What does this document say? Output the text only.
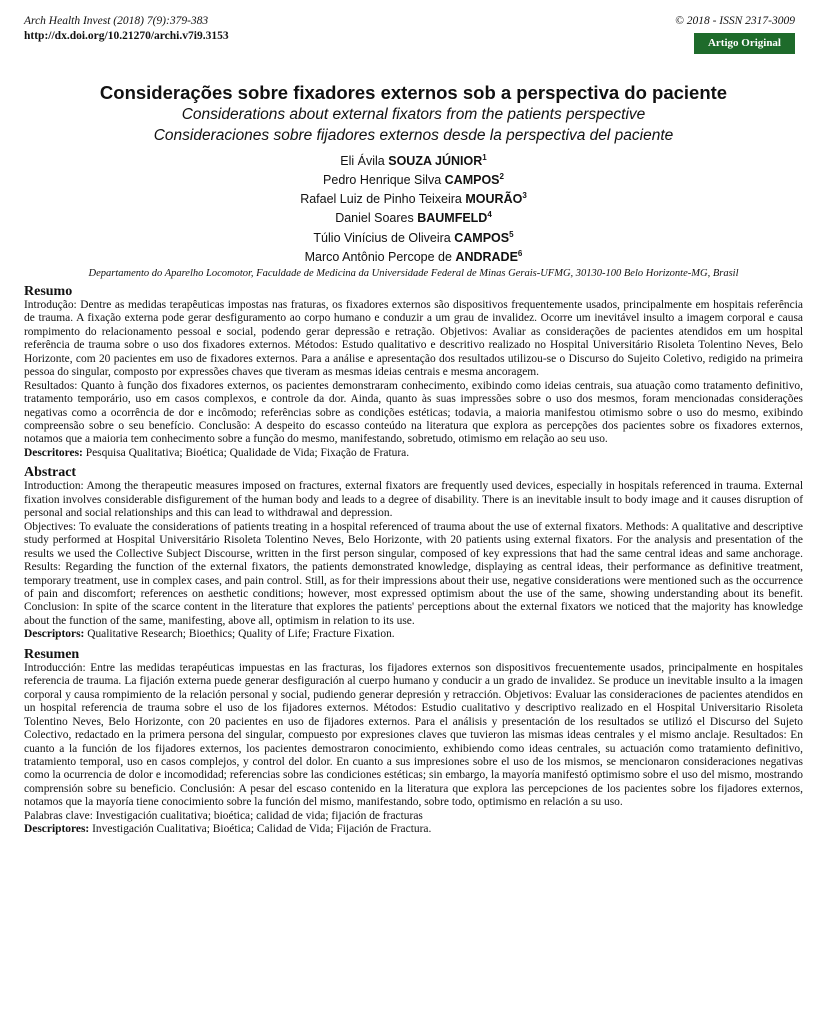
Arch Health Invest (2018) 7(9):379-383
http://dx.doi.org/10.21270/archi.v7i9.3153
© 2018 - ISSN 2317-3009
Artigo Original
Considerações sobre fixadores externos sob a perspectiva do paciente
Considerations about external fixators from the patients perspective
Consideraciones sobre fijadores externos desde la perspectiva del paciente
Eli Ávila SOUZA JÚNIOR$^1$
Pedro Henrique Silva CAMPOS$^2$
Rafael Luiz de Pinho Teixeira MOURÃO$^3$
Daniel Soares BAUMFELD$^4$
Túlio Vinícius de Oliveira CAMPOS$^5$
Marco Antônio Percope de ANDRADE$^6$
Departamento do Aparelho Locomotor, Faculdade de Medicina da Universidade Federal de Minas Gerais-UFMG, 30130-100 Belo Horizonte-MG, Brasil
Resumo

Introdução: Dentre as medidas terapêuticas impostas nas fraturas, os fixadores externos são dispositivos frequentemente usados, principalmente em hospitais referência de trauma. A fixação externa pode gerar desfiguramento ao corpo humano e conduzir a um grau de invalidez. Ocorre um inevitável insulto a imagem corporal e causa rompimento do relacionamento pessoal e social, podendo gerar depressão e retração. Objetivos: Avaliar as considerações de pacientes atendidos em um hospital referência de trauma sobre o uso dos fixadores externos. Métodos: Estudo qualitativo e descritivo realizado no Hospital Universitário Risoleta Tolentino Neves, Belo Horizonte, com 20 pacientes em uso de fixadores externos. Para a análise e apresentação dos resultados utilizou-se o Discurso do Sujeito Coletivo, redigido na primeira pessoa do singular, composto por expressões chaves que tiveram as mesmas ideias centrais e mesma ancoragem.

Resultados: Quanto à função dos fixadores externos, os pacientes demonstraram conhecimento, exibindo como ideias centrais, sua atuação como tratamento definitivo, tratamento temporário, uso em casos complexos, e controle da dor. Ainda, quanto às suas impressões sobre o uso dos mesmos, foram mencionadas considerações negativas como a ocorrência de dor e incômodo; referências sobre as condições estéticas; todavia, a maioria manifestou otimismo sobre o uso do mesmo, exibindo compreensão sobre o seu benefício. Conclusão: A despeito do escasso conteúdo na literatura que explora as percepções dos pacientes sobre os fixadores externos, notamos que a maioria tem conhecimento sobre a função do mesmo, manifestando, sobretudo, otimismo em relação ao seu uso.

Descritores: Pesquisa Qualitativa; Bioética; Qualidade de Vida; Fixação de Fratura.

Abstract

Introduction: Among the therapeutic measures imposed on fractures, external fixators are frequently used devices, especially in hospitals referenced in trauma. External fixation involves considerable disfigurement of the human body and leads to a degree of disability. There is an inevitable insult to body image and it causes disruption of personal and social relationships and this can lead to withdrawal and depression.

Objectives: To evaluate the considerations of patients treating in a hospital referenced of trauma about the use of external fixators. Methods: A qualitative and descriptive study performed at Hospital Universitário Risoleta Tolentino Neves, Belo Horizonte, with 20 patients using external fixators. For the analysis and presentation of the results we used the Collective Subject Discourse, written in the first person singular, composed of key expressions that had the same central ideas and same anchorage. Results: Regarding the function of the external fixators, the patients demonstrated knowledge, displaying as central ideas, their performance as definitive treatment, temporary treatment, use in complex cases, and pain control. Still, as for their impressions about their use, negative considerations were mentioned such as the occurrence of pain and discomfort; references on aesthetic conditions; however, most expressed optimism about the use of the same, showing understanding about its benefit. Conclusion: In spite of the scarce content in the literature that explores the patients' perceptions about the external fixators we noticed that the majority has knowledge about the function of the same, manifesting, above all, optimism in relation to its use.

Descriptors: Qualitative Research; Bioethics; Quality of Life; Fracture Fixation.

Resumen

Introducción: Entre las medidas terapéuticas impuestas en las fracturas, los fijadores externos son dispositivos frecuentemente usados, principalmente en hospitales referencia de trauma. La fijación externa puede generar desfiguración al cuerpo humano y conducir a un grado de invalidez. Se produce un inevitable insulto a la imagen corporal y causa rompimiento de la relación personal y social, pudiendo generar depresión y retracción. Objetivos: Evaluar las consideraciones de pacientes atendidos en un hospital referencia de trauma sobre el uso de los fijadores externos. Métodos: Estudio cualitativo y descriptivo realizado en el Hospital Universitario Risoleta Tolentino Neves, Belo Horizonte, con 20 pacientes en uso de fijadores externos. Para el análisis y presentación de los resultados se utilizó el Discurso del Sujeto Colectivo, redactado en la primera persona del singular, compuesto por expresiones claves que tuvieron las mismas ideas centrales y el mismo anclaje. Resultados: En cuanto a la función de los fijadores externos, los pacientes demostraron conocimiento, exhibiendo como ideas centrales, su actuación como tratamiento definitivo, tratamiento temporal, uso en casos complejos, y control del dolor. En cuanto a sus impresiones sobre el uso de los mismos, se mencionaron consideraciones negativas como la ocurrencia de dolor e incomodidad; referencias sobre las condiciones estéticas; sin embargo, la mayoría manifestó optimismo sobre el uso del mismo, mostrando comprensión sobre su beneficio. Conclusión: A pesar del escaso contenido en la literatura que explora las percepciones de los pacientes sobre los fijadores externos, notamos que la mayoría tiene conocimiento sobre la función del mismo, manifestando, sobre todo, optimismo en relación a su uso.

Palabras clave: Investigación cualitativa; bioética; calidad de vida; fijación de fracturas

Descriptores: Investigación Cualitativa; Bioética; Calidad de Vida; Fijación de Fractura.
